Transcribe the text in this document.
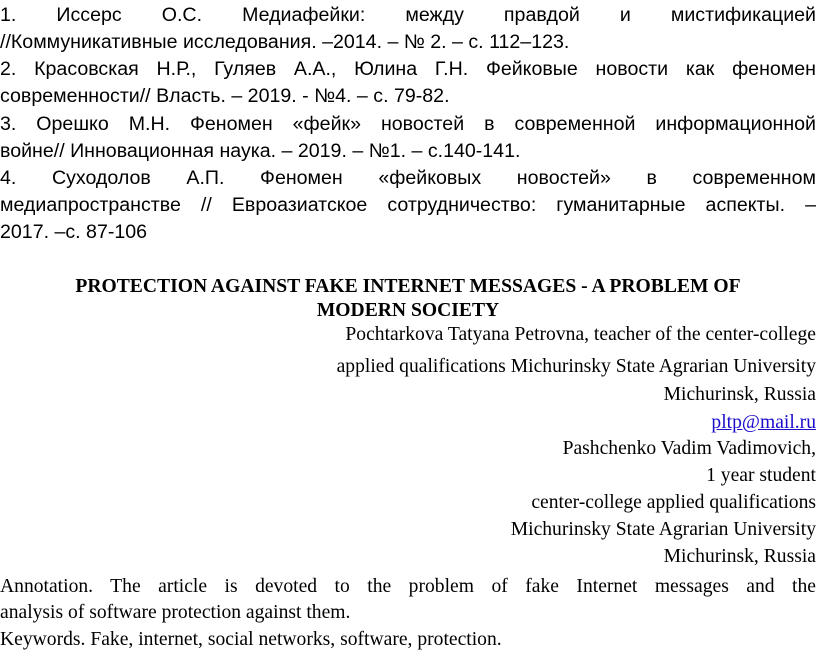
1. Иссерс О.С. Медиафейки: между правдой и мистификацией
//Коммуникативные исследования. –2014. – № 2. – с. 112–123.
2. Красовская Н.Р., Гуляев А.А., Юлина Г.Н. Фейковые новости как феномен
современности// Власть. – 2019. - №4. – с. 79-82.
3. Орешко М.Н. Феномен «фейк» новостей в современной информационной
войне// Инновационная наука. – 2019. – №1. – с.140-141.
4. Суходолов А.П. Феномен «фейковых новостей» в современном
медиапространстве // Евроазиатское сотрудничество: гуманитарные аспекты. –
2017. –с. 87-106
PROTECTION AGAINST FAKE INTERNET MESSAGES - A PROBLEM OF
MODERN SOCIETY
Pochtarkova Tatyana Petrovna, teacher of the center-college
applied qualifications Michurinsky State Agrarian University
Michurinsk, Russia
pltp@mail.ru
Pashchenko Vadim Vadimovich,
1 year student
center-college applied qualifications
Michurinsky State Agrarian University
Michurinsk, Russia
Annotation. The article is devoted to the problem of fake Internet messages and the
analysis of software protection against them.
Keywords. Fake, internet, social networks, software, protection.
